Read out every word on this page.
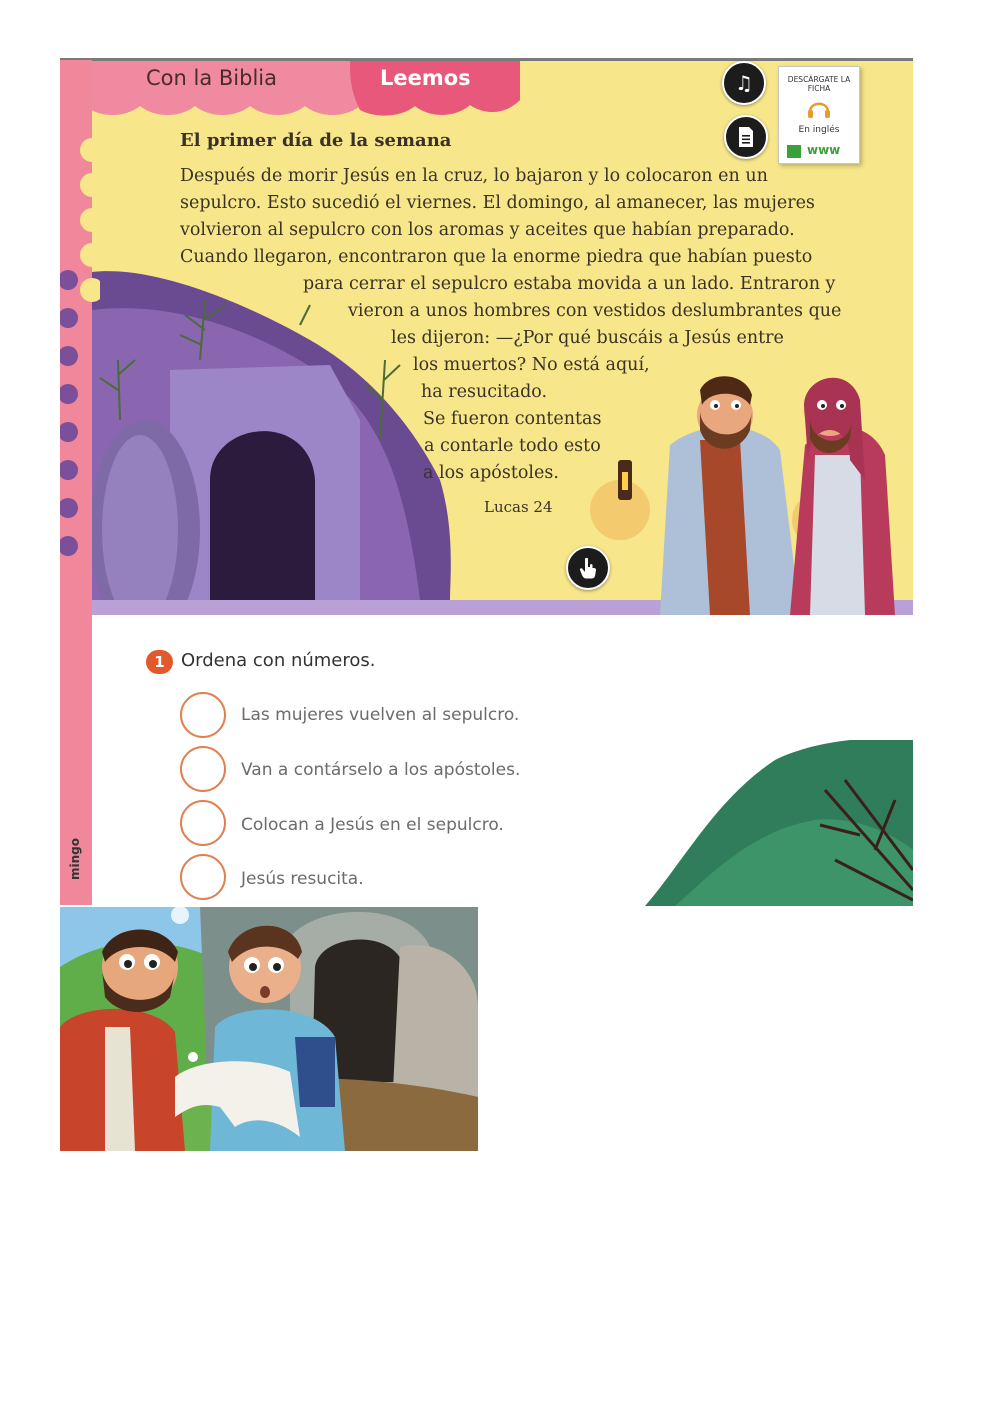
Con la Biblia	Leemos	♫	DESCÁRGATE LA FICHA
En inglés
www
El primer día de la semana
Después de morir Jesús en la cruz, lo bajaron y lo colocaron en un
sepulcro. Esto sucedió el viernes. El domingo, al amanecer, las mujeres
volvieron al sepulcro con los aromas y aceites que habían preparado.
Cuando llegaron, encontraron que la enorme piedra que habían puesto
para cerrar el sepulcro estaba movida a un lado. Entraron y
vieron a unos hombres con vestidos deslumbrantes que
les dijeron: —¿Por qué buscáis a Jesús entre
los muertos? No está aquí,
ha resucitado.
Se fueron contentas
a contarle todo esto
a los apóstoles.
Lucas 24
1 Ordena con números.
Las mujeres vuelven al sepulcro.
Van a contárselo a los apóstoles.
Colocan a Jesús en el sepulcro.
Jesús resucita.
mingo
